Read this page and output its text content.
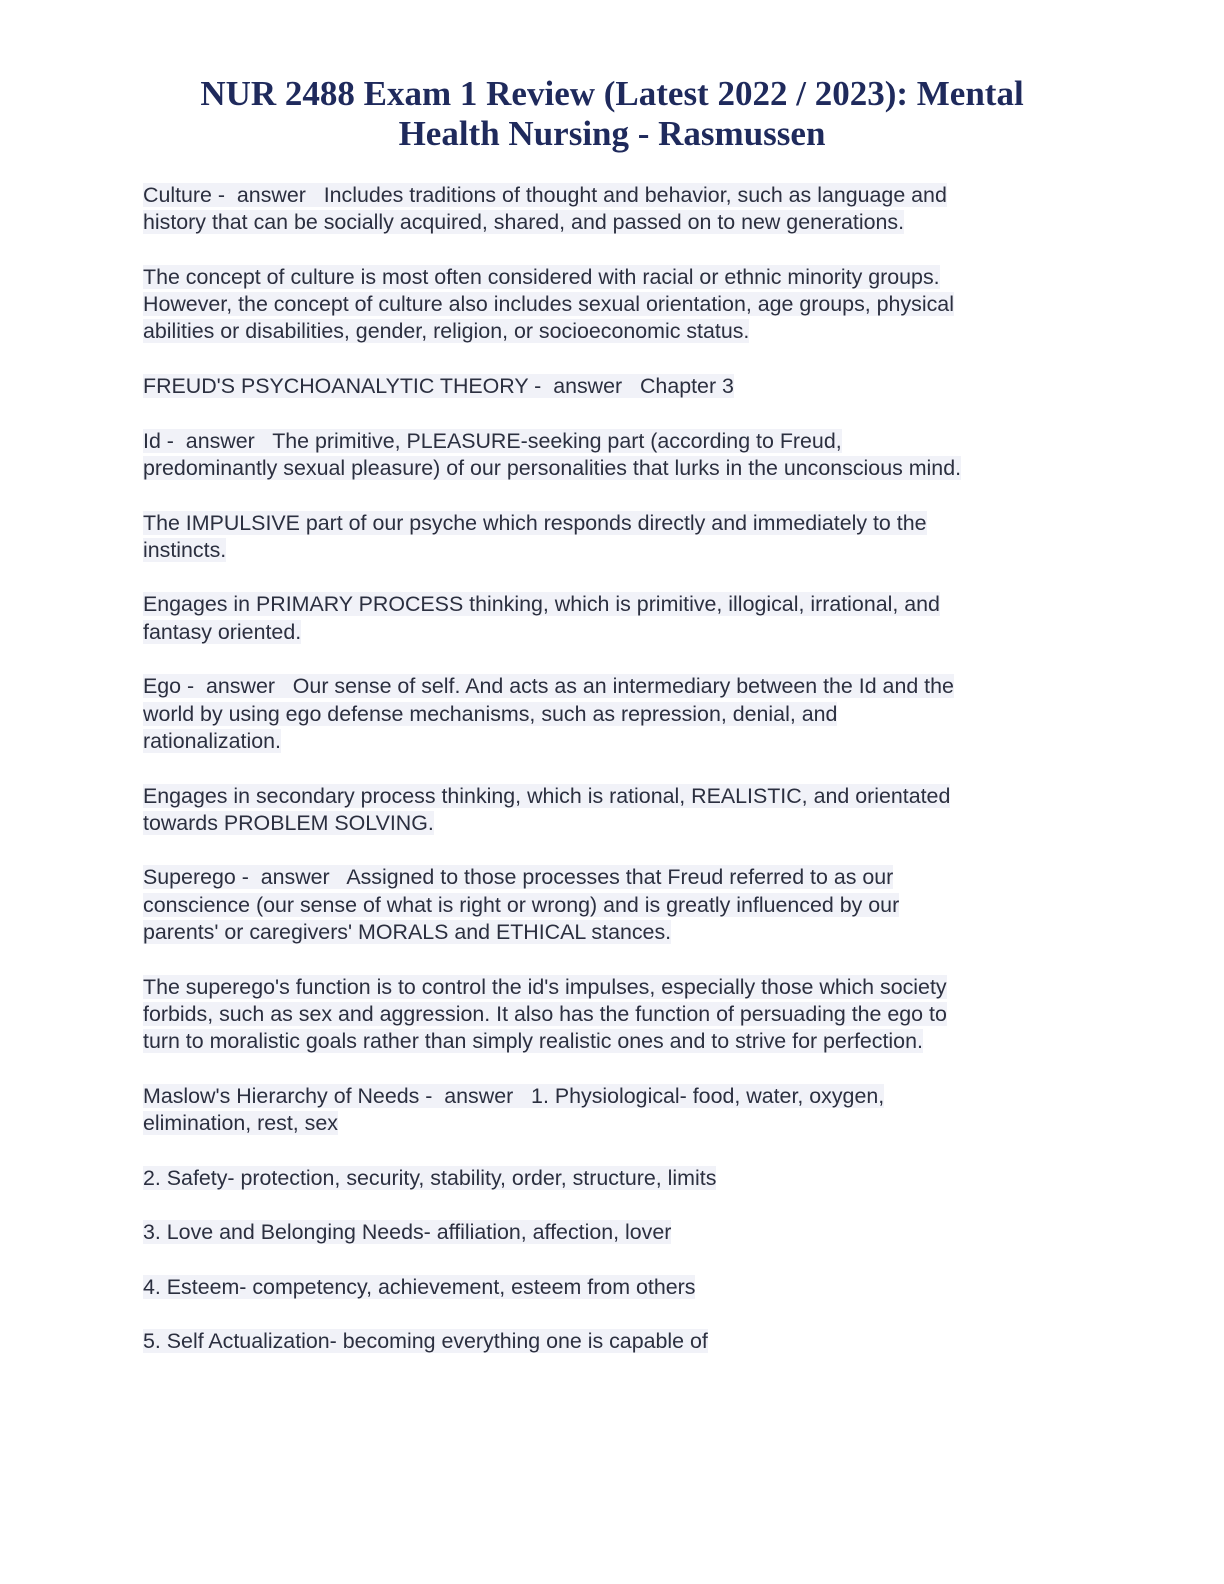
NUR 2488 Exam 1 Review (Latest 2022 / 2023): Mental
Health Nursing - Rasmussen

Culture -  answer   Includes traditions of thought and behavior, such as language and
history that can be socially acquired, shared, and passed on to new generations.

The concept of culture is most often considered with racial or ethnic minority groups.
However, the concept of culture also includes sexual orientation, age groups, physical
abilities or disabilities, gender, religion, or socioeconomic status.

FREUD'S PSYCHOANALYTIC THEORY -  answer   Chapter 3

Id -  answer   The primitive, PLEASURE-seeking part (according to Freud,
predominantly sexual pleasure) of our personalities that lurks in the unconscious mind.

The IMPULSIVE part of our psyche which responds directly and immediately to the
instincts.

Engages in PRIMARY PROCESS thinking, which is primitive, illogical, irrational, and
fantasy oriented.

Ego -  answer   Our sense of self. And acts as an intermediary between the Id and the
world by using ego defense mechanisms, such as repression, denial, and
rationalization.

Engages in secondary process thinking, which is rational, REALISTIC, and orientated
towards PROBLEM SOLVING.

Superego -  answer   Assigned to those processes that Freud referred to as our
conscience (our sense of what is right or wrong) and is greatly influenced by our
parents' or caregivers' MORALS and ETHICAL stances.

The superego's function is to control the id's impulses, especially those which society
forbids, such as sex and aggression. It also has the function of persuading the ego to
turn to moralistic goals rather than simply realistic ones and to strive for perfection.

Maslow's Hierarchy of Needs -  answer   1. Physiological- food, water, oxygen,
elimination, rest, sex

2. Safety- protection, security, stability, order, structure, limits

3. Love and Belonging Needs- affiliation, affection, lover

4. Esteem- competency, achievement, esteem from others

5. Self Actualization- becoming everything one is capable of
